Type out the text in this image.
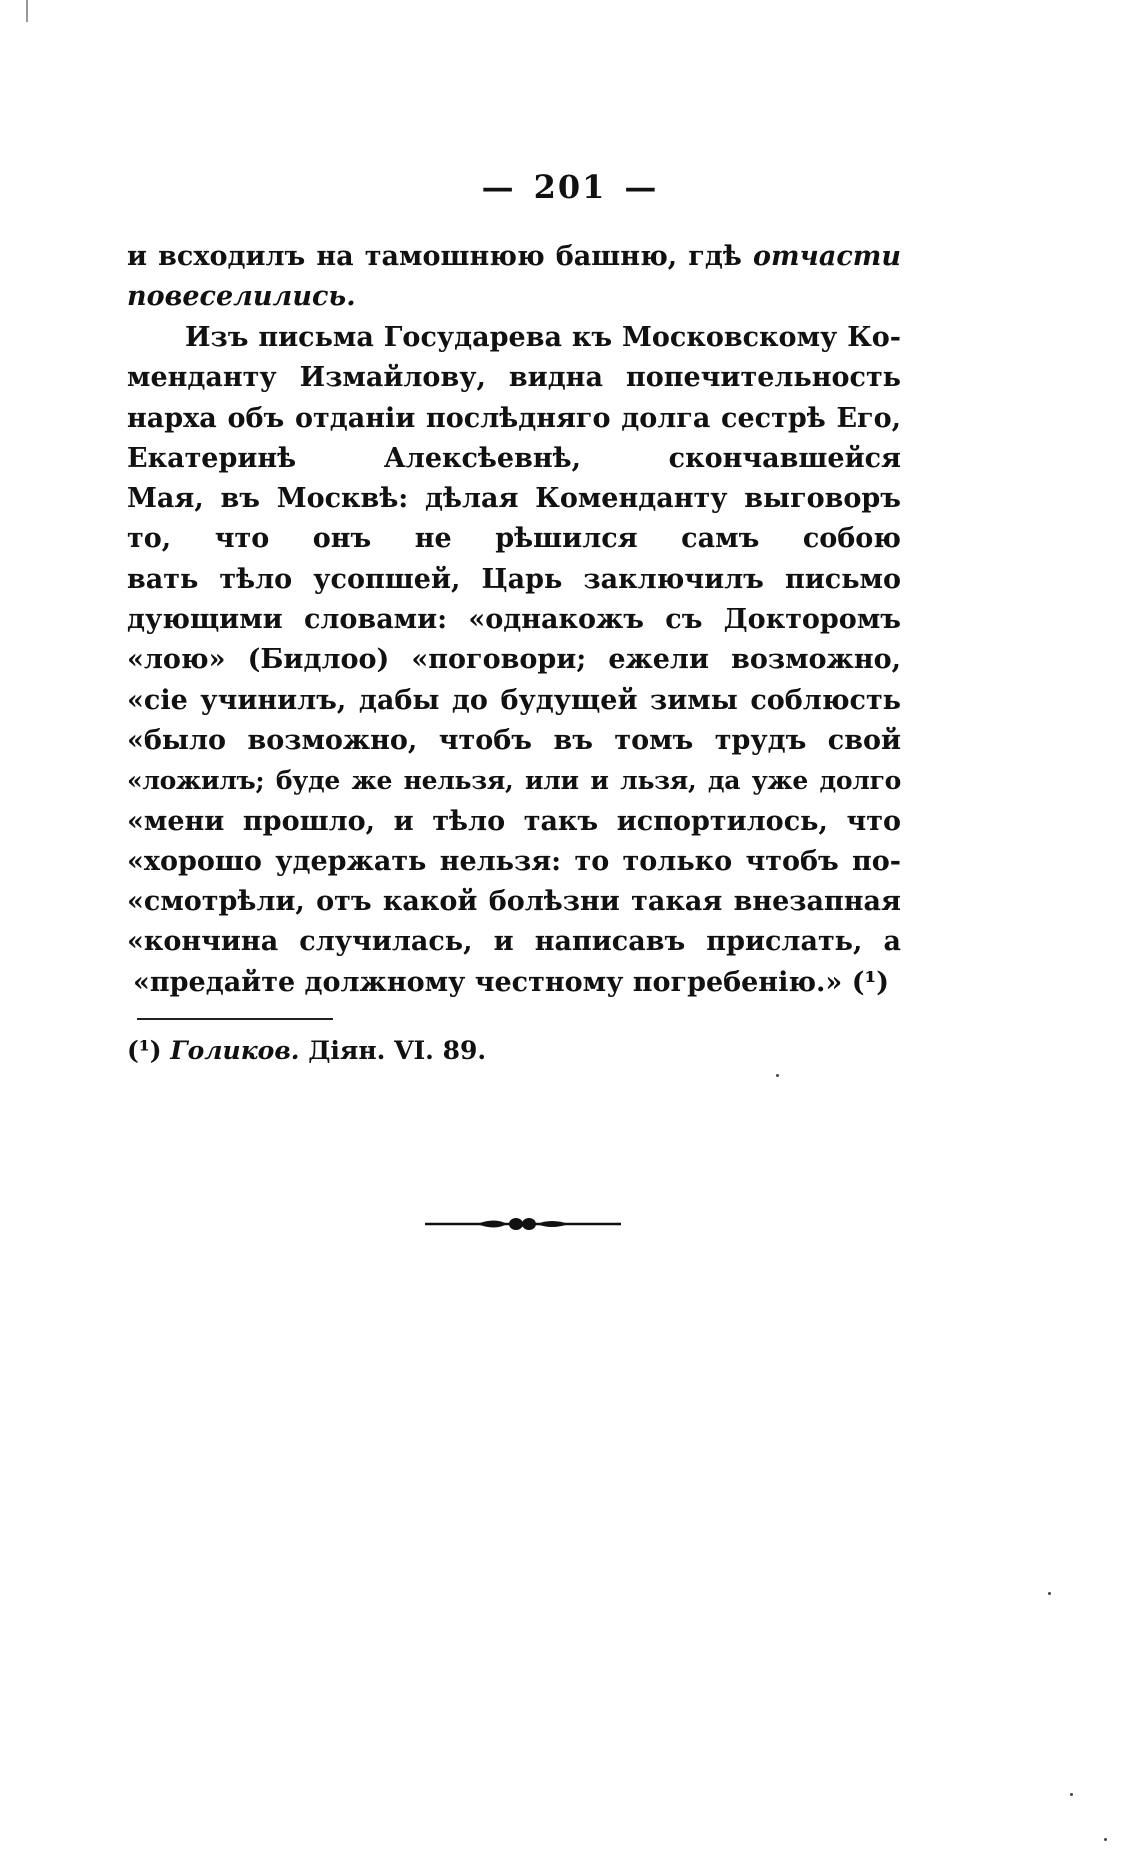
— 201 —
и всходилъ на тамошнюю башню, гдѣ отчасти
повеселились.
Изъ письма Государева къ Московскому Ко-
менданту Измайлову, видна попечительность
нарха объ отданіи послѣдняго долга сестрѣ Его,
Екатеринѣ Алексѣевнѣ, скончавшейся
Мая, въ Москвѣ: дѣлая Коменданту выговоръ
то, что онъ не рѣшился самъ собою
вать тѣло усопшей, Царь заключилъ письмо
дующими словами: «однакожъ съ Докторомъ
«лою» (Бидлоо) «поговори; ежели возможно,
«сіе учинилъ, дабы до будущей зимы соблюсть
«было возможно, чтобъ въ томъ трудъ свой
«ложилъ; буде же нельзя, или и льзя, да уже долго
«мени прошло, и тѣло такъ испортилось, что
«хорошо удержать нельзя: то только чтобъ по-
«смотрѣли, отъ какой болѣзни такая внезапная
«кончина случилась, и написавъ прислать, а
«предайте должному честному погребенію.» (¹)
(¹) Голиков. Дiян. VI. 89.
